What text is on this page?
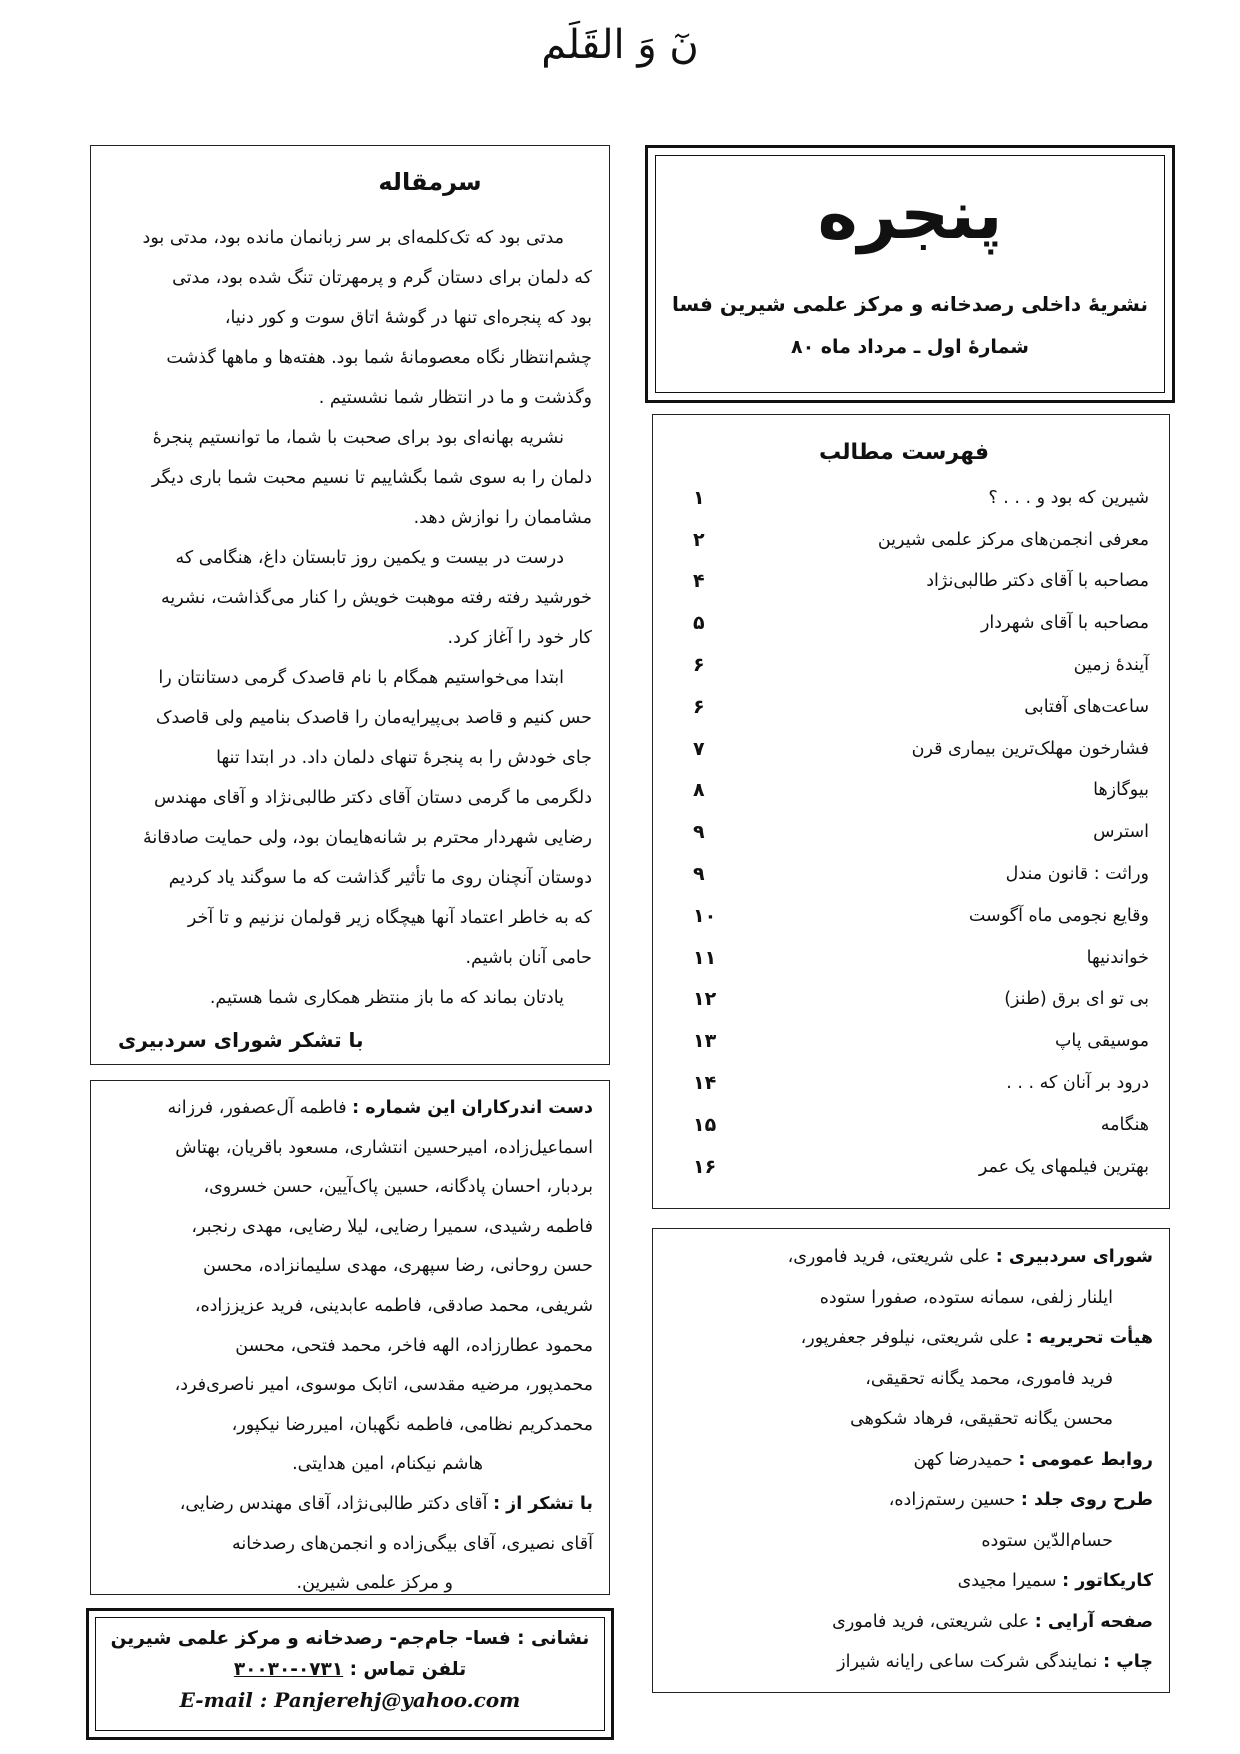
نٓ وَ القَلَم
پنجره
نشریهٔ داخلی رصدخانه و مرکز علمی شیرین فسا
شمارهٔ اول ـ مرداد ماه ۸۰
فهرست مطالب
شیرین که بود و . . . ؟
۱
معرفی انجمن‌های مرکز علمی شیرین
۲
مصاحبه با آقای دکتر طالبی‌نژاد
۴
مصاحبه با آقای شهردار
۵
آیندهٔ زمین
۶
ساعت‌های آفتابی
۶
فشارخون مهلک‌ترین بیماری قرن
۷
بیوگازها
۸
استرس
۹
وراثت : قانون مندل
۹
وقایع نجومی ماه آگوست
۱۰
خواندنیها
۱۱
بی تو ای برق (طنز)
۱۲
موسیقی پاپ
۱۳
درود بر آنان که . . .
۱۴
هنگامه
۱۵
بهترین فیلمهای یک عمر
۱۶
شورای سردبیری : علی شریعتی، فرید فاموری،
ایلنار زلفی، سمانه ستوده، صفورا ستوده
هیأت تحریریه : علی شریعتی، نیلوفر جعفرپور،
فرید فاموری، محمد یگانه تحقیقی،
محسن یگانه تحقیقی، فرهاد شکوهی
روابط عمومی : حمیدرضا کهن
طرح روی جلد : حسین رستم‌زاده،
حسام‌الدّین ستوده
کاریکاتور : سمیرا مجیدی
صفحه آرایی : علی شریعتی، فرید فاموری
چاپ : نمایندگی شرکت ساعی رایانه شیراز
سرمقاله
مدتی بود که تک‌کلمه‌ای بر سر زبانمان مانده بود، مدتی بود
که دلمان برای دستان گرم و پرمهرتان تنگ شده بود، مدتی
بود که پنجره‌ای تنها در گوشهٔ اتاق سوت و کور دنیا،
چشم‌انتظار نگاه معصومانهٔ شما بود. هفته‌ها و ماهها گذشت
وگذشت و ما در انتظار شما نشستیم .
نشریه بهانه‌ای بود برای صحبت با شما، ما توانستیم پنجرهٔ
دلمان را به سوی شما بگشاییم تا نسیم محبت شما باری دیگر
مشاممان را نوازش دهد.
درست در بیست و یکمین روز تابستان داغ، هنگامی که
خورشید رفته رفته موهبت خویش را کنار می‌گذاشت، نشریه
کار خود را آغاز کرد.
ابتدا می‌خواستیم همگام با نام قاصدک گرمی دستانتان را
حس کنیم و قاصد بی‌پیرایه‌مان را قاصدک بنامیم ولی قاصدک
جای خودش را به پنجرهٔ تنهای دلمان داد. در ابتدا تنها
دلگرمی ما گرمی دستان آقای دکتر طالبی‌نژاد و آقای مهندس
رضایی شهردار محترم بر شانه‌هایمان بود، ولی حمایت صادقانهٔ
دوستان آنچنان روی ما تأثیر گذاشت که ما سوگند یاد کردیم
که به خاطر اعتماد آنها هیچگاه زیر قولمان نزنیم و تا آخر
حامی آنان باشیم.
یادتان بماند که ما باز منتظر همکاری شما هستیم.
با تشکر شورای سردبیری
دست اندرکاران این شماره : فاطمه آل‌عصفور، فرزانه
اسماعیل‌زاده، امیرحسین انتشاری، مسعود باقریان، بهتاش
بردبار، احسان پادگانه، حسین پاک‌آیین، حسن خسروی،
فاطمه رشیدی، سمیرا رضایی، لیلا رضایی، مهدی رنجبر،
حسن روحانی، رضا سپهری، مهدی سلیمانزاده، محسن
شریفی، محمد صادقی، فاطمه عابدینی، فرید عزیززاده،
محمود عطارزاده، الهه فاخر، محمد فتحی، محسن
محمدپور، مرضیه مقدسی، اتابک موسوی، امیر ناصری‌فرد،
محمدکریم نظامی، فاطمه نگهبان، امیررضا نیکپور،
هاشم نیکنام، امین هدایتی.
با تشکر از : آقای دکتر طالبی‌نژاد، آقای مهندس رضایی،
آقای نصیری، آقای بیگی‌زاده و انجمن‌های رصدخانه
و مرکز علمی شیرین.
نشانی : فسا- جام‌جم- رصدخانه و مرکز علمی شیرین
تلفن تماس : ۰۷۳۱-۳۰۰۳۰
E-mail : Panjerehj@yahoo.com
